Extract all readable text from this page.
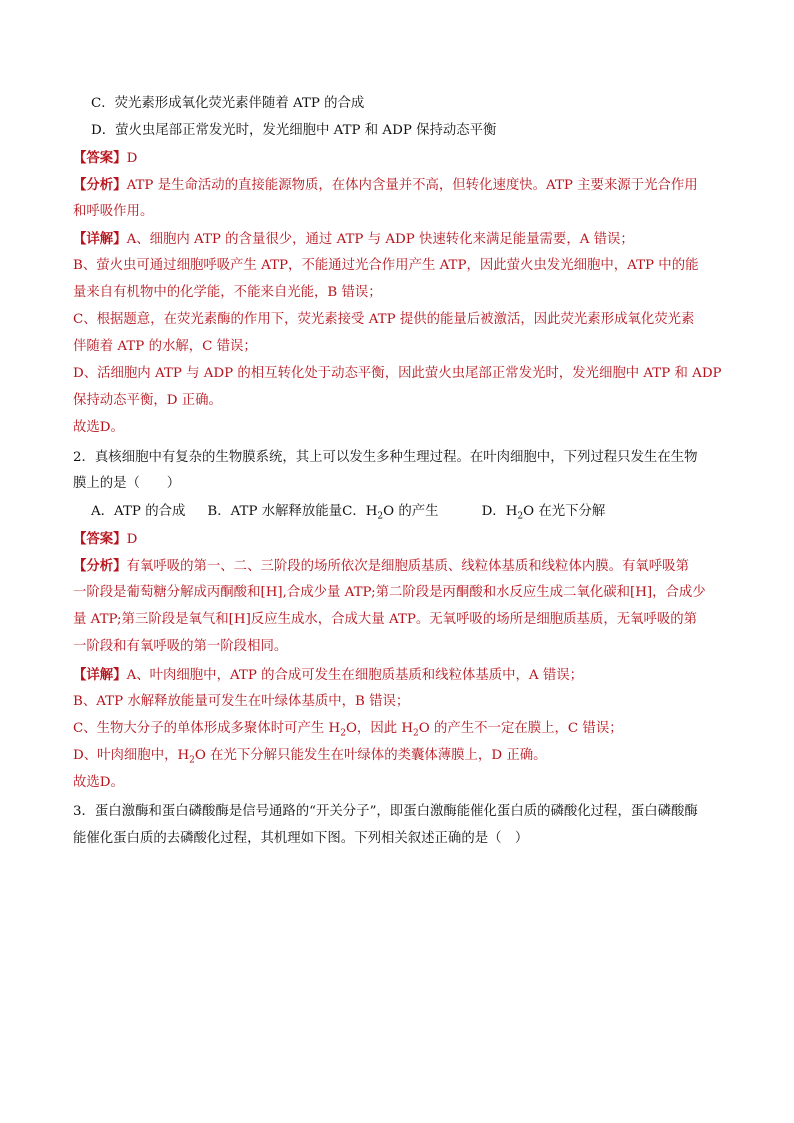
C．荧光素形成氧化荧光素伴随着 ATP 的合成
D．萤火虫尾部正常发光时，发光细胞中 ATP 和 ADP 保持动态平衡
【答案】D
【分析】ATP 是生命活动的直接能源物质，在体内含量并不高，但转化速度快。ATP 主要来源于光合作用
和呼吸作用。
【详解】A、细胞内 ATP 的含量很少，通过 ATP 与 ADP 快速转化来满足能量需要，A 错误；
B、萤火虫可通过细胞呼吸产生 ATP，不能通过光合作用产生 ATP，因此萤火虫发光细胞中，ATP 中的能
量来自有机物中的化学能，不能来自光能，B 错误；
C、根据题意，在荧光素酶的作用下，荧光素接受 ATP 提供的能量后被激活，因此荧光素形成氧化荧光素
伴随着 ATP 的水解，C 错误；
D、活细胞内 ATP 与 ADP 的相互转化处于动态平衡，因此萤火虫尾部正常发光时，发光细胞中 ATP 和 ADP
保持动态平衡，D 正确。
故选D。
2．真核细胞中有复杂的生物膜系统，其上可以发生多种生理过程。在叶肉细胞中，下列过程只发生在生物
膜上的是（　　）
A．ATP 的合成 B．ATP 水解释放能量C．$H_2O$ 的产生	D．$H_2O$ 在光下分解
【答案】D
【分析】有氧呼吸的第一、二、三阶段的场所依次是细胞质基质、线粒体基质和线粒体内膜。有氧呼吸第
一阶段是葡萄糖分解成丙酮酸和[H],合成少量 ATP;第二阶段是丙酮酸和水反应生成二氧化碳和[H]，合成少
量 ATP;第三阶段是氧气和[H]反应生成水，合成大量 ATP。无氧呼吸的场所是细胞质基质，无氧呼吸的第
一阶段和有氧呼吸的第一阶段相同。
【详解】A、叶肉细胞中，ATP 的合成可发生在细胞质基质和线粒体基质中，A 错误；
B、ATP 水解释放能量可发生在叶绿体基质中，B 错误；
C、生物大分子的单体形成多聚体时可产生 $H_2O$，因此 $H_2O$ 的产生不一定在膜上，C 错误；
D、叶肉细胞中，$H_2O$ 在光下分解只能发生在叶绿体的类囊体薄膜上，D 正确。
故选D。
3．蛋白激酶和蛋白磷酸酶是信号通路的“开关分子”，即蛋白激酶能催化蛋白质的磷酸化过程，蛋白磷酸酶
能催化蛋白质的去磷酸化过程，其机理如下图。下列相关叙述正确的是（　）
